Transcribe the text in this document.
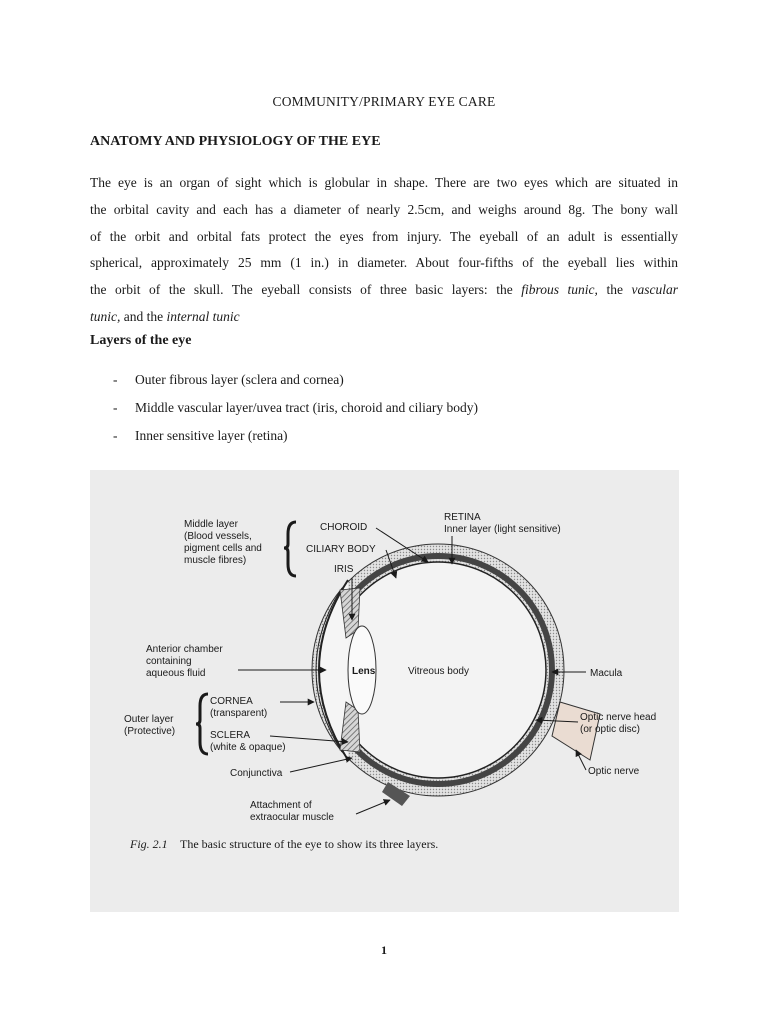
COMMUNITY/PRIMARY EYE CARE
ANATOMY AND PHYSIOLOGY OF THE EYE
The eye is an organ of sight which is globular in shape. There are two eyes which are situated in
the orbital cavity and each has a diameter of nearly 2.5cm, and weighs around 8g. The bony wall
of the orbit and orbital fats protect the eyes from injury. The eyeball of an adult is essentially
spherical, approximately 25 mm (1 in.) in diameter. About four-fifths of the eyeball lies within
the orbit of the skull. The eyeball consists of three basic layers: the fibrous tunic, the vascular
tunic, and the internal tunic
Layers of the eye
-	Outer fibrous layer (sclera and cornea)
-	Middle vascular layer/uvea tract (iris, choroid and ciliary body)
-	Inner sensitive layer (retina)
Middle layer
(Blood vessels,
pigment cells and
muscle fibres)
CHOROID
CILIARY BODY
IRIS
RETINA
Inner layer (light sensitive)
Anterior chamber
containing
aqueous fluid	Lens	Vitreous body	Macula
Outer layer
(Protective)
CORNEA
(transparent)
SCLERA
(white & opaque)
Optic nerve head
(or optic disc)
Optic nerve
Conjunctiva
Attachment of
extraocular muscle
Fig. 2.1 The basic structure of the eye to show its three layers.
1
